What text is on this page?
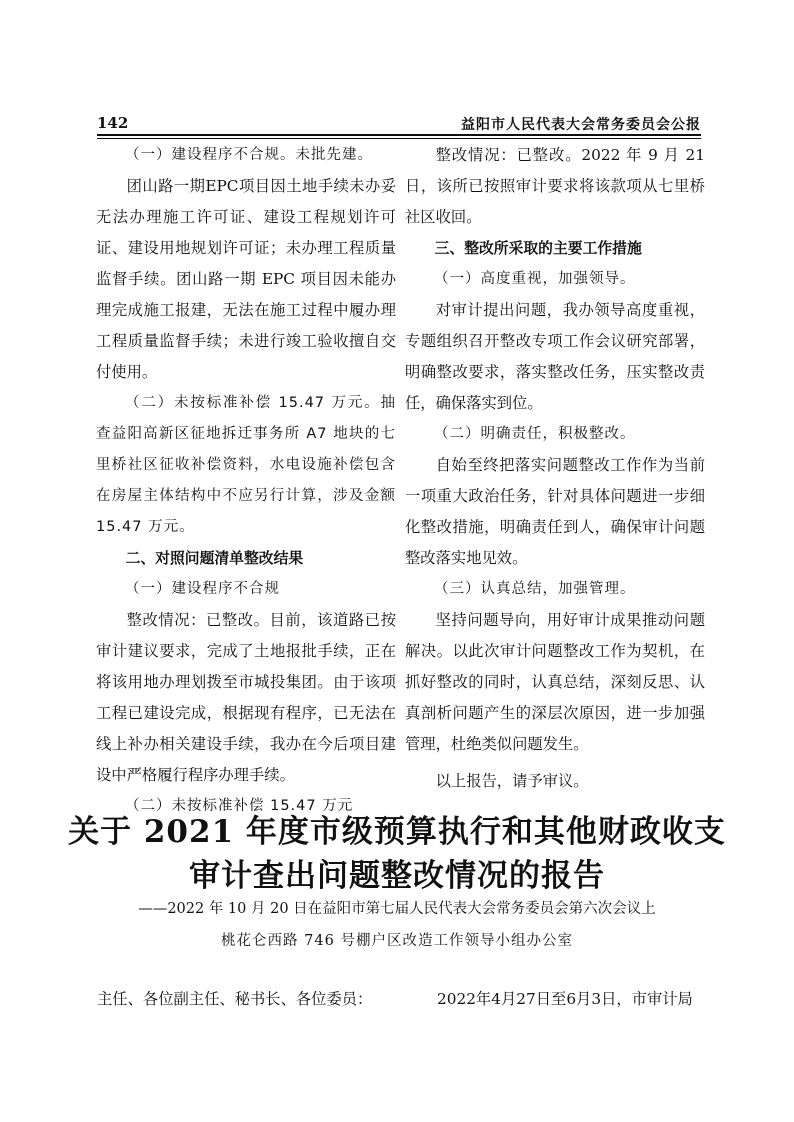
142	益阳市人民代表大会常务委员会公报

（一）建设程序不合规。未批先建。

团山路一期EPC项目因土地手续未办妥无法办理施工许可证、建设工程规划许可证、建设用地规划许可证；未办理工程质量监督手续。团山路一期 EPC 项目因未能办理完成施工报建，无法在施工过程中履办理工程质量监督手续；未进行竣工验收擅自交付使用。

（二）未按标准补偿 15.47 万元。抽查益阳高新区征地拆迁事务所 A7 地块的七里桥社区征收补偿资料，水电设施补偿包含在房屋主体结构中不应另行计算，涉及金额 15.47 万元。

二、对照问题清单整改结果

（一）建设程序不合规

整改情况：已整改。目前，该道路已按审计建议要求，完成了土地报批手续，正在将该用地办理划拨至市城投集团。由于该项工程已建设完成，根据现有程序，已无法在线上补办相关建设手续，我办在今后项目建设中严格履行程序办理手续。

（二）未按标准补偿 15.47 万元

整改情况：已整改。2022 年 9 月 21 日，该所已按照审计要求将该款项从七里桥社区收回。

三、整改所采取的主要工作措施

（一）高度重视，加强领导。

对审计提出问题，我办领导高度重视，专题组织召开整改专项工作会议研究部署，明确整改要求，落实整改任务，压实整改责任，确保落实到位。

（二）明确责任，积极整改。

自始至终把落实问题整改工作作为当前一项重大政治任务，针对具体问题进一步细化整改措施，明确责任到人，确保审计问题整改落实地见效。

（三）认真总结，加强管理。

坚持问题导向，用好审计成果推动问题解决。以此次审计问题整改工作为契机，在抓好整改的同时，认真总结，深刻反思、认真剖析问题产生的深层次原因，进一步加强管理，杜绝类似问题发生。

以上报告，请予审议。

关于 2021 年度市级预算执行和其他财政收支
审计查出问题整改情况的报告
——2022 年 10 月 20 日在益阳市第七届人民代表大会常务委员会第六次会议上
桃花仑西路 746 号棚户区改造工作领导小组办公室
主任、各位副主任、秘书长、各位委员：	2022年4月27日至6月3日，市审计局
